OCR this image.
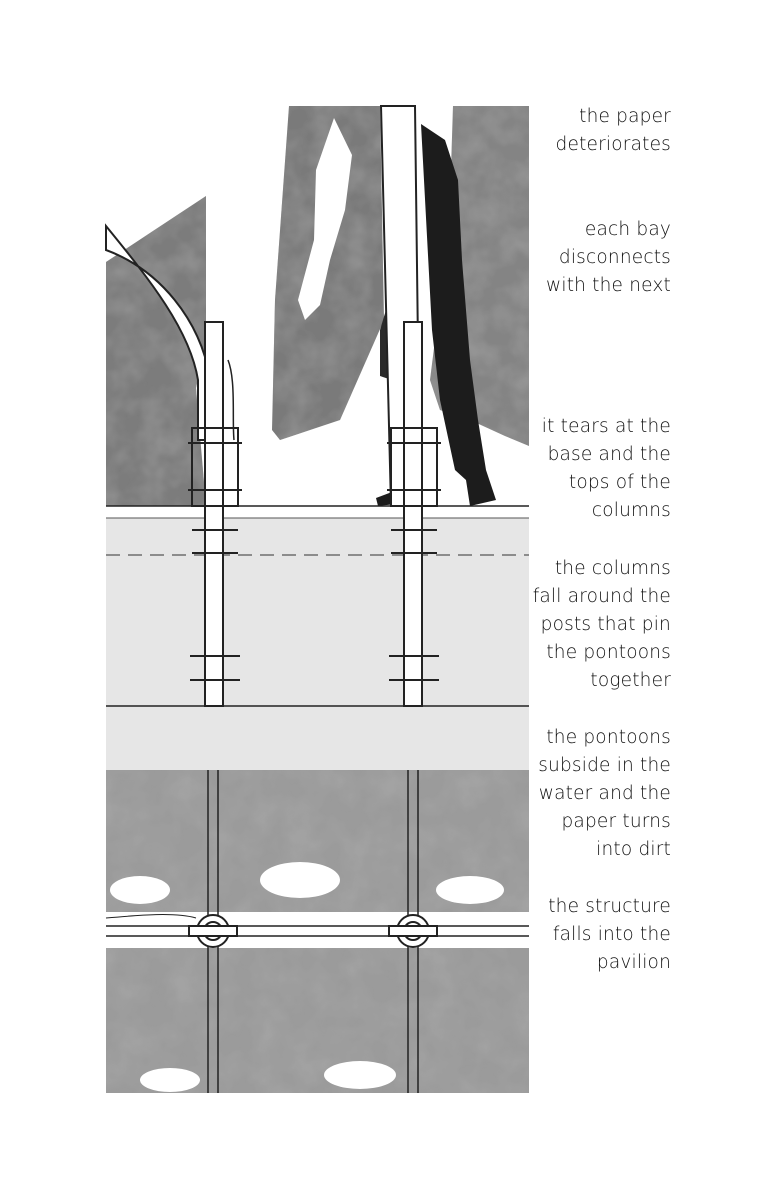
the paper
deteriorates
each bay
disconnects
with the next
it tears at the
base and the
tops of the
columns
the columns
fall around the
posts that pin
the pontoons
together
the pontoons
subside in the
water and the
paper turns
into dirt
the structure
falls into the
pavilion
